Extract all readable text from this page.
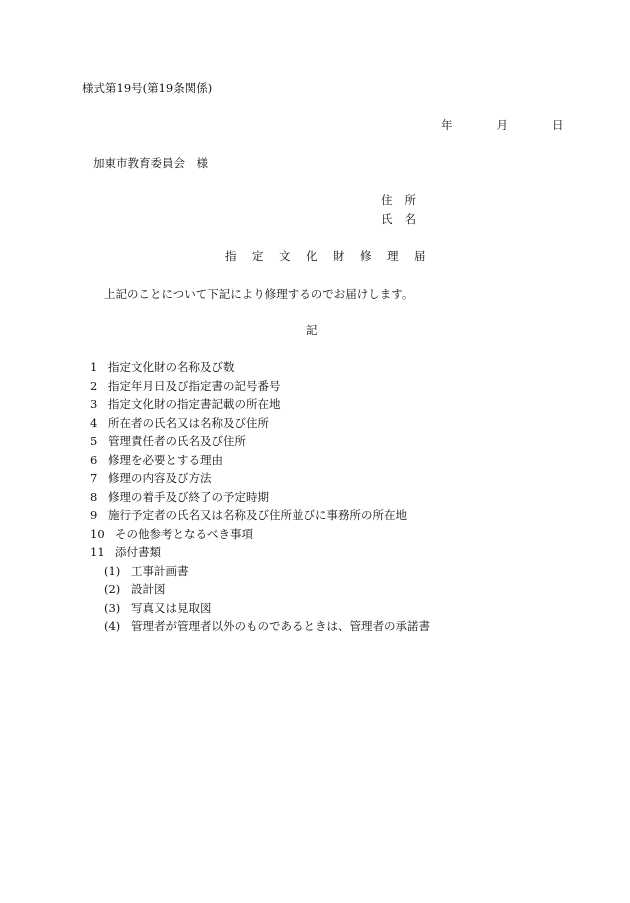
様式第19号(第19条関係)
年	月	日
加東市教育委員会　様
住所
氏名
指定文化財修理届
上記のことについて下記により修理するのでお届けします。
記
1 指定文化財の名称及び数
2 指定年月日及び指定書の記号番号
3 指定文化財の指定書記載の所在地
4 所在者の氏名又は名称及び住所
5 管理責任者の氏名及び住所
6 修理を必要とする理由
7 修理の内容及び方法
8 修理の着手及び終了の予定時期
9 施行予定者の氏名又は名称及び住所並びに事務所の所在地
10 その他参考となるべき事項
11 添付書類
(1) 工事計画書
(2) 設計図
(3) 写真又は見取図
(4) 管理者が管理者以外のものであるときは、管理者の承諾書
